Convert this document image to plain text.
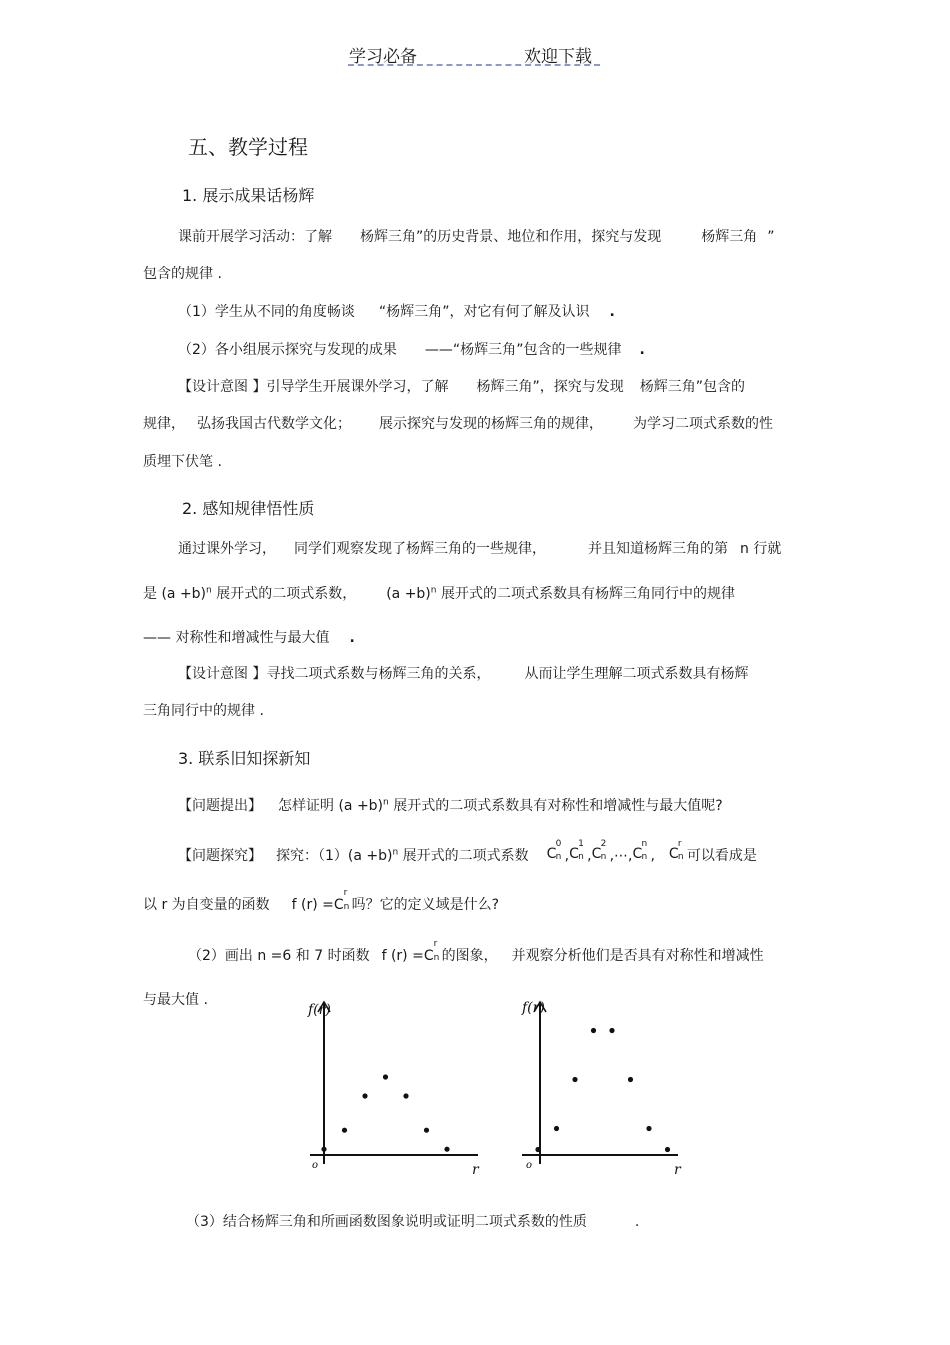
学习必备	欢迎下载
五、教学过程
1. 展示成果话杨辉
课前开展学习活动：了解 杨辉三角”的历史背景、地位和作用，探究与发现	杨辉三角 ”
包含的规律 .
（1）学生从不同的角度畅谈 “杨辉三角”，对它有何了解及认识 .
（2）各小组展示探究与发现的成果 ——“杨辉三角”包含的一些规律 .
【设计意图 】引导学生开展课外学习，了解 杨辉三角”，探究与发现 杨辉三角”包含的
规律， 弘扬我国古代数学文化； 展示探究与发现的杨辉三角的规律， 为学习二项式系数的性
质埋下伏笔 .
2. 感知规律悟性质
通过课外学习， 同学们观察发现了杨辉三角的一些规律，	并且知道杨辉三角的第 n 行就
是 $(a +b)^n$ 展开式的二项式系数， $(a +b)^n$ 展开式的二项式系数具有杨辉三角同行中的规律
—— 对称性和增减性与最大值 .
【设计意图 】寻找二项式系数与杨辉三角的关系， 从而让学生理解二项式系数具有杨辉
三角同行中的规律 .
3. 联系旧知探新知
【问题提出】 怎样证明 $(a +b)^n$ 展开式的二项式系数具有对称性和增减性与最大值呢?
【问题探究】 探究：$(1)(a +b)^n$ 展开式的二项式系数 C
0
n , C
1
n , C
2
n ,⋯, C
n
n , C
r
n 可以看成是
以 r 为自变量的函数 f (r) =C
r
n 吗？它的定义域是什么?
（2）画出 n =6 和 7 时函数 f (r) =C
r
n 的图象， 并观察分析他们是否具有对称性和增减性
与最大值 .
f(r)
r
o
f(r)
r
o
（3）结合杨辉三角和所画函数图象说明或证明二项式系数的性质	.
